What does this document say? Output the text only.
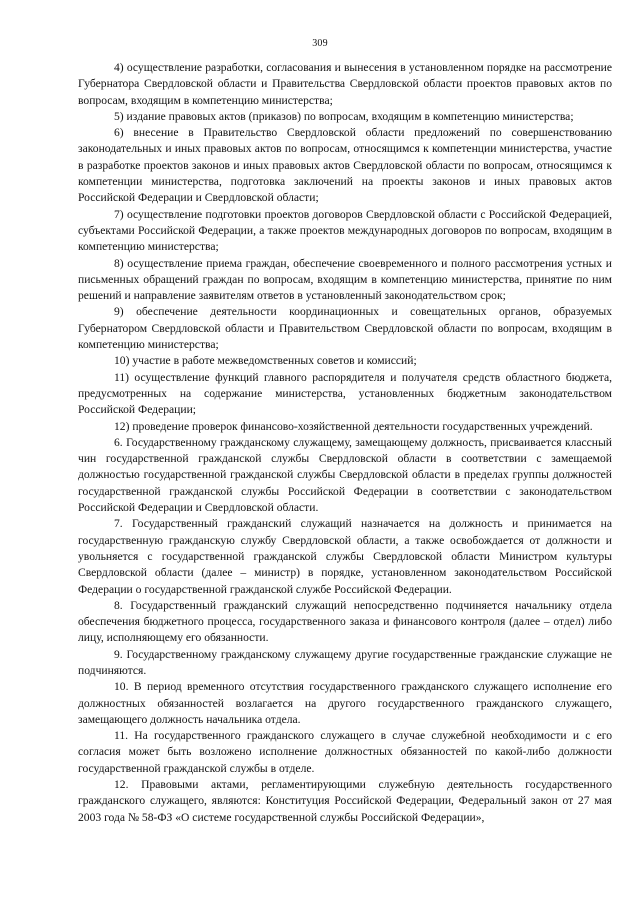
309

4) осуществление разработки, согласования и вынесения в установленном порядке на рассмотрение Губернатора Свердловской области и Правительства Свердловской области проектов правовых актов по вопросам, входящим в компетенцию министерства;

5) издание правовых актов (приказов) по вопросам, входящим в компетенцию министерства;

6) внесение в Правительство Свердловской области предложений по совершенствованию законодательных и иных правовых актов по вопросам, относящимся к компетенции министерства, участие в разработке проектов законов и иных правовых актов Свердловской области по вопросам, относящимся к компетенции министерства, подготовка заключений на проекты законов и иных правовых актов Российской Федерации и Свердловской области;

7) осуществление подготовки проектов договоров Свердловской области с Российской Федерацией, субъектами Российской Федерации, а также проектов международных договоров по вопросам, входящим в компетенцию министерства;

8) осуществление приема граждан, обеспечение своевременного и полного рассмотрения устных и письменных обращений граждан по вопросам, входящим в компетенцию министерства, принятие по ним решений и направление заявителям ответов в установленный законодательством срок;

9) обеспечение деятельности координационных и совещательных органов, образуемых Губернатором Свердловской области и Правительством Свердловской области по вопросам, входящим в компетенцию министерства;

10) участие в работе межведомственных советов и комиссий;

11) осуществление функций главного распорядителя и получателя средств областного бюджета, предусмотренных на содержание министерства, установленных бюджетным законодательством Российской Федерации;

12) проведение проверок финансово-хозяйственной деятельности государственных учреждений.

6. Государственному гражданскому служащему, замещающему должность, присваивается классный чин государственной гражданской службы Свердловской области в соответствии с замещаемой должностью государственной гражданской службы Свердловской области в пределах группы должностей государственной гражданской службы Российской Федерации в соответствии с законодательством Российской Федерации и Свердловской области.

7. Государственный гражданский служащий назначается на должность и принимается на государственную гражданскую службу Свердловской области, а также освобождается от должности и увольняется с государственной гражданской службы Свердловской области Министром культуры Свердловской области (далее – министр) в порядке, установленном законодательством Российской Федерации о государственной гражданской службе Российской Федерации.

8. Государственный гражданский служащий непосредственно подчиняется начальнику отдела обеспечения бюджетного процесса, государственного заказа и финансового контроля (далее – отдел) либо лицу, исполняющему его обязанности.

9. Государственному гражданскому служащему другие государственные гражданские служащие не подчиняются.

10. В период временного отсутствия государственного гражданского служащего исполнение его должностных обязанностей возлагается на другого государственного гражданского служащего, замещающего должность начальника отдела.

11. На государственного гражданского служащего в случае служебной необходимости и с его согласия может быть возложено исполнение должностных обязанностей по какой-либо должности государственной гражданской службы в отделе.

12. Правовыми актами, регламентирующими служебную деятельность государственного гражданского служащего, являются: Конституция Российской Федерации, Федеральный закон от 27 мая 2003 года № 58-ФЗ «О системе государственной службы Российской Федерации»,
